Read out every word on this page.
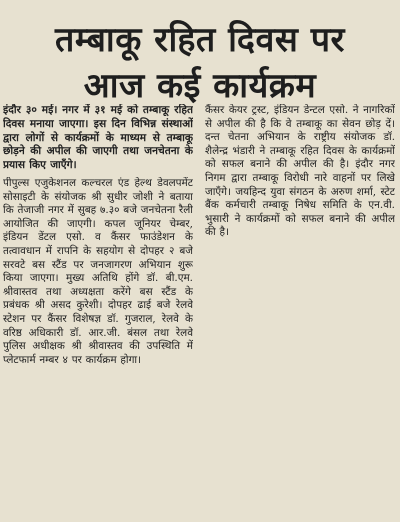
तम्बाकू रहित दिवस पर
आज कई कार्यक्रम

इंदौर ३० मई। नगर में ३१ मई को तम्बाकू रहित दिवस मनाया जाएगा। इस दिन विभिन्न संस्थाओं द्वारा लोगों से कार्यक्रमों के माध्यम से तम्बाकू छोड़ने की अपील की जाएगी तथा जनचेतना के प्रयास किए जाएँगे।

पीपुल्स एजुकेशनल कल्चरल एंड हेल्थ डेवलपमेंट सोसाइटी के संयोजक श्री सुधीर जोशी ने बताया कि तेजाजी नगर में सुबह ७.३० बजे जनचेतना रैली आयोजित की जाएगी। कपल जूनियर चेम्बर, इंडियन डेंटल एसो. व कैंसर फाउंडेशन के तत्वावधान में रापनि के सहयोग से दोपहर २ बजे सरवटे बस स्टैंड पर जनजागरण अभियान शुरू किया जाएगा। मुख्य अतिथि होंगे डॉ. बी.एम. श्रीवास्तव तथा अध्यक्षता करेंगे बस स्टैंड के प्रबंधक श्री असद कुरेशी। दोपहर ढाई बजे रेलवे स्टेशन पर कैंसर विशेषज्ञ डॉ. गुजराल, रेलवे के वरिष्ठ अधिकारी डॉ. आर.जी. बंसल तथा रेलवे पुलिस अधीक्षक श्री श्रीवास्तव की उपस्थिति में प्लेटफार्म नम्बर ४ पर कार्यक्रम होगा।

कैंसर केयर ट्रस्ट, इंडियन डेन्टल एसो. ने नागरिकों से अपील की है कि वे तम्बाकू का सेवन छोड़ दें। दन्त चेतना अभियान के राष्ट्रीय संयोजक डॉ. शैलेन्द्र भंडारी ने तम्बाकू रहित दिवस के कार्यक्रमों को सफल बनाने की अपील की है। इंदौर नगर निगम द्वारा तम्बाकू विरोधी नारे वाहनों पर लिखे जाएँगे। जयहिन्द युवा संगठन के अरुण शर्मा, स्टेट बैंक कर्मचारी तम्बाकू निषेध समिति के एन.वी. भुसारी ने कार्यक्रमों को सफल बनाने की अपील की है।
